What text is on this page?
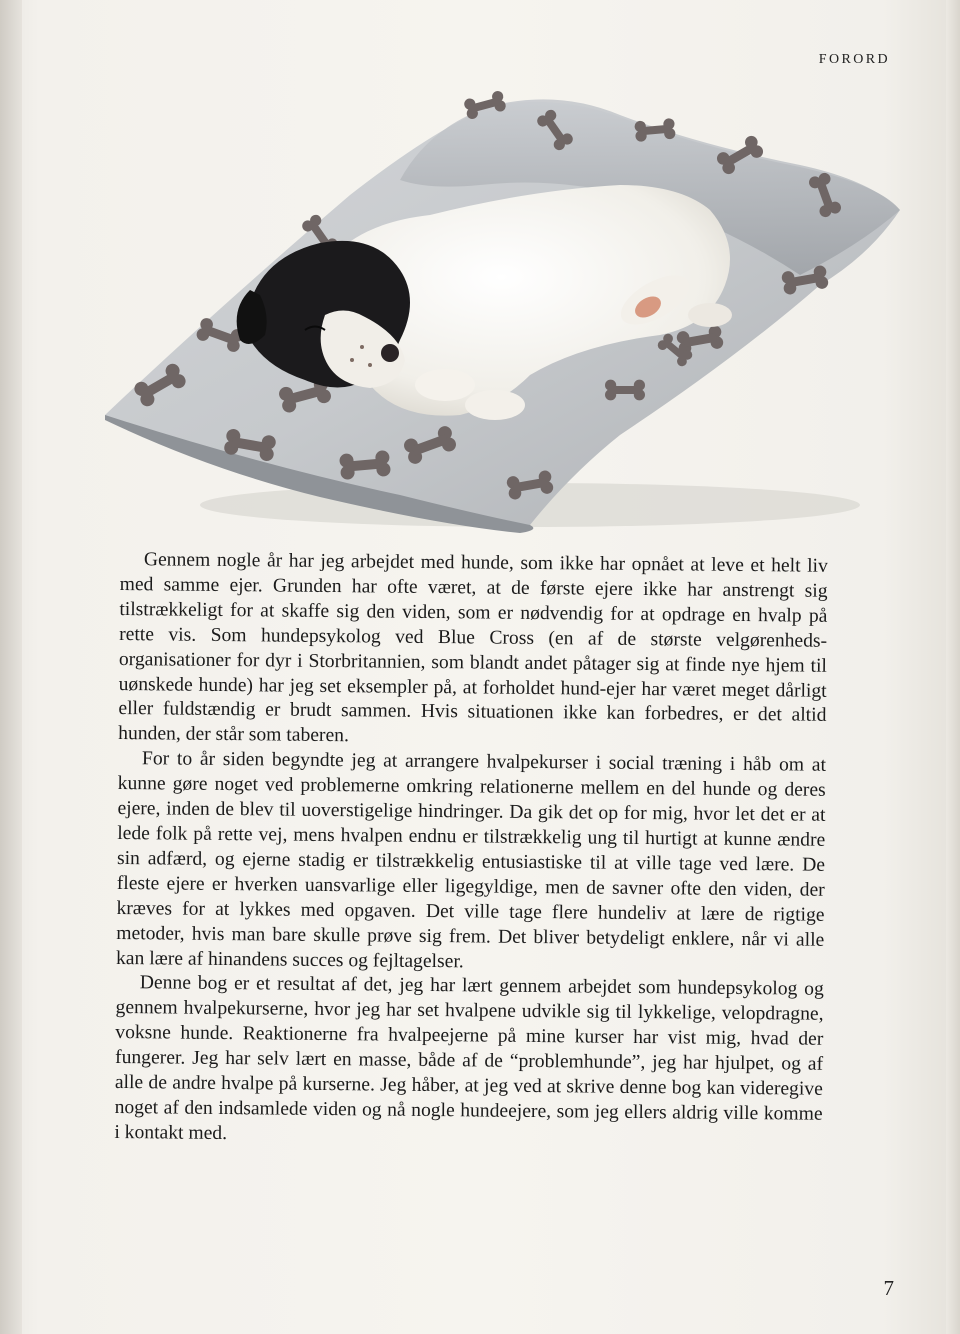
FORORD

Gennem nogle år har jeg arbejdet med hunde, som ikke har opnået at leve et helt liv med samme ejer. Grunden har ofte været, at de første ejere ikke har anstrengt sig tilstrækkeligt for at skaffe sig den viden, som er nødvendig for at opdrage en hvalp på rette vis. Som hundepsykolog ved Blue Cross (en af de største velgørenheds-organisationer for dyr i Storbritannien, som blandt andet påtager sig at finde nye hjem til uønskede hunde) har jeg set eksempler på, at forholdet hund-ejer har været meget dårligt eller fuldstændig er brudt sammen. Hvis situationen ikke kan forbedres, er det altid hunden, der står som taberen.

For to år siden begyndte jeg at arrangere hvalpekurser i social træning i håb om at kunne gøre noget ved problemerne omkring relationerne mellem en del hunde og deres ejere, inden de blev til uoverstigelige hindringer. Da gik det op for mig, hvor let det er at lede folk på rette vej, mens hvalpen endnu er tilstrækkelig ung til hurtigt at kunne ændre sin adfærd, og ejerne stadig er tilstrækkelig entusiastiske til at ville tage ved lære. De fleste ejere er hverken uansvarlige eller ligegyldige, men de savner ofte den viden, der kræves for at lykkes med opgaven. Det ville tage flere hundeliv at lære de rigtige metoder, hvis man bare skulle prøve sig frem. Det bliver betydeligt enklere, når vi alle kan lære af hinandens succes og fejltagelser.

Denne bog er et resultat af det, jeg har lært gennem arbejdet som hundepsykolog og gennem hvalpekurserne, hvor jeg har set hvalpene udvikle sig til lykkelige, velopdragne, voksne hunde. Reaktionerne fra hvalpeejerne på mine kurser har vist mig, hvad der fungerer. Jeg har selv lært en masse, både af de “problemhunde”, jeg har hjulpet, og af alle de andre hvalpe på kurserne. Jeg håber, at jeg ved at skrive denne bog kan videregive noget af den indsamlede viden og nå nogle hundeejere, som jeg ellers aldrig ville komme i kontakt med.

7
